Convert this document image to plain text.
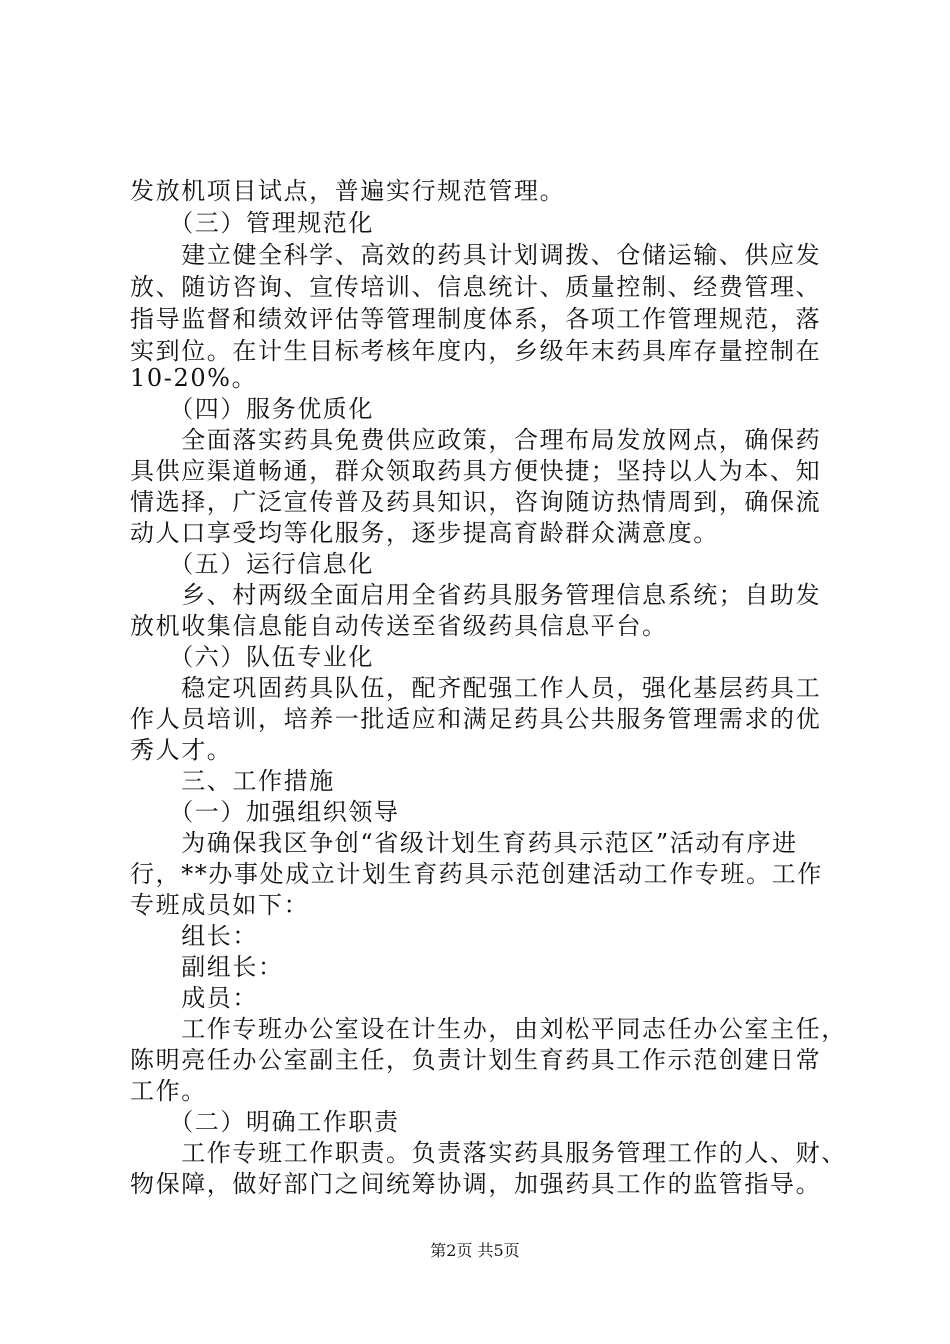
发放机项目试点，普遍实行规范管理。
　　（三）管理规范化
　　建立健全科学、高效的药具计划调拨、仓储运输、供应发
放、随访咨询、宣传培训、信息统计、质量控制、经费管理、
指导监督和绩效评估等管理制度体系，各项工作管理规范，落
实到位。在计生目标考核年度内，乡级年末药具库存量控制在
10-20%。
　　（四）服务优质化
　　全面落实药具免费供应政策，合理布局发放网点，确保药
具供应渠道畅通，群众领取药具方便快捷；坚持以人为本、知
情选择，广泛宣传普及药具知识，咨询随访热情周到，确保流
动人口享受均等化服务，逐步提高育龄群众满意度。
　　（五）运行信息化
　　乡、村两级全面启用全省药具服务管理信息系统；自助发
放机收集信息能自动传送至省级药具信息平台。
　　（六）队伍专业化
　　稳定巩固药具队伍，配齐配强工作人员，强化基层药具工
作人员培训，培养一批适应和满足药具公共服务管理需求的优
秀人才。
　　三、工作措施
　　（一）加强组织领导
　　为确保我区争创“省级计划生育药具示范区”活动有序进
行，**办事处成立计划生育药具示范创建活动工作专班。工作
专班成员如下：
　　组长：
　　副组长：
　　成员：
　　工作专班办公室设在计生办，由刘松平同志任办公室主任，
陈明亮任办公室副主任，负责计划生育药具工作示范创建日常
工作。
　　（二）明确工作职责
　　工作专班工作职责。负责落实药具服务管理工作的人、财、
物保障，做好部门之间统筹协调，加强药具工作的监管指导。
第2页 共5页
